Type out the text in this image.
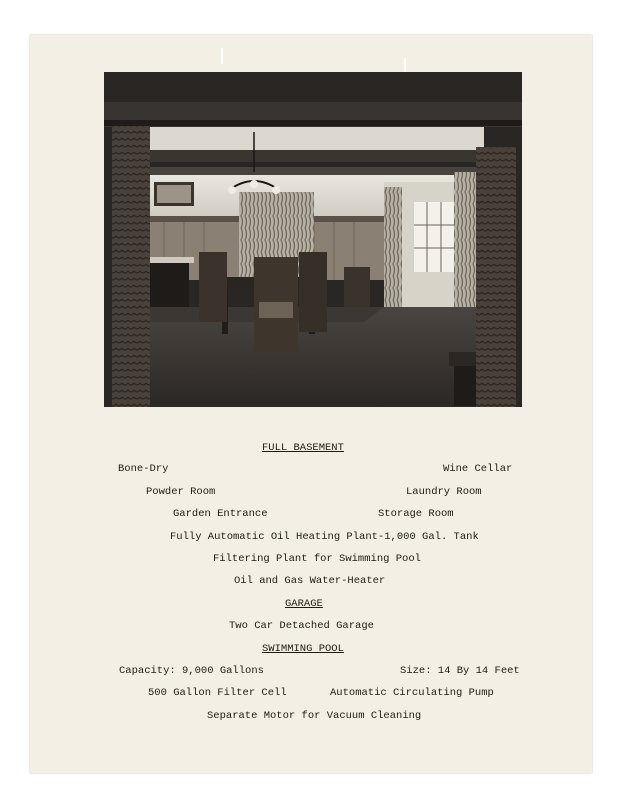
FULL BASEMENT
Bone-Dry	Wine Cellar
Powder Room	Laundry Room
Garden Entrance	Storage Room
Fully Automatic Oil Heating Plant-1,000 Gal. Tank
Filtering Plant for Swimming Pool
Oil and Gas Water-Heater
GARAGE
Two Car Detached Garage
SWIMMING POOL
Capacity: 9,000 Gallons	Size: 14 By 14 Feet
500 Gallon Filter Cell	Automatic Circulating Pump
Separate Motor for Vacuum Cleaning
